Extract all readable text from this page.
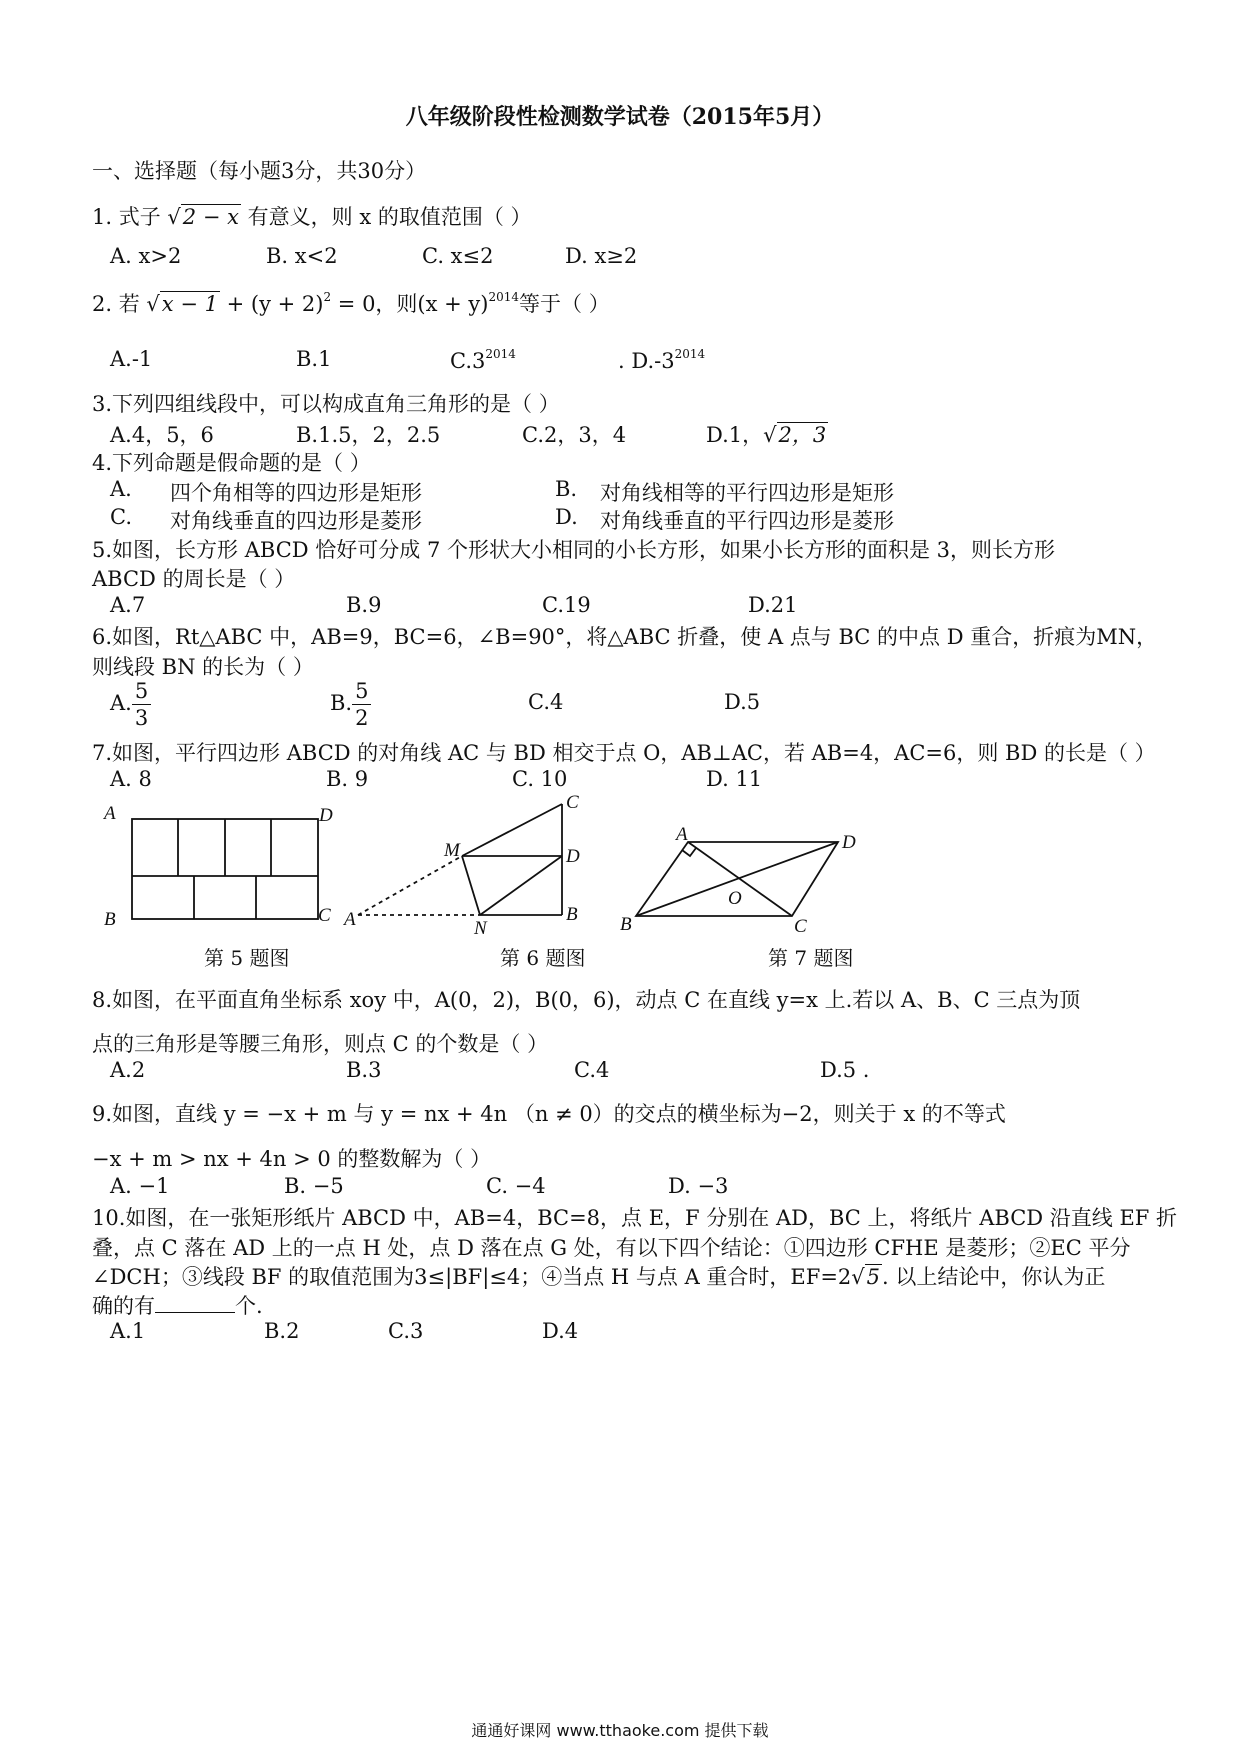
八年级阶段性检测数学试卷（2015年5月）
一、选择题（每小题3分，共30分）
1. 式子 √2 − x 有意义，则 x 的取值范围（ ）
A. x>2	B. x<2	C. x≤2	D. x≥2
2. 若 $√x - 1 + (y + 2)^2 = 0$，则$(x + y)^{2014}$等于（ ）
A.-1	B.1	$C.3^{2014}$	. $D.-3^{2014}$
3.下列四组线段中，可以构成直角三角形的是（ ）
A.4，5，6	B.1.5，2，2.5	C.2，3，4	D.1，√2，3
4.下列命题是假命题的是（ ）
A. 四个角相等的四边形是矩形	B. 对角线相等的平行四边形是矩形
C. 对角线垂直的四边形是菱形	D. 对角线垂直的平行四边形是菱形
5.如图，长方形 ABCD 恰好可分成 7 个形状大小相同的小长方形，如果小长方形的面积是 3，则长方形
ABCD 的周长是（ ）
A.7	B.9	C.19	D.21
6.如图，Rt△ABC 中，AB=9，BC=6，∠B=90°，将△ABC 折叠，使 A 点与 BC 的中点 D 重合，折痕为MN，
则线段 BN 的长为（ ）
A. $\frac{5}{3}$	B. $\frac{5}{2}$	C.4	D.5
7.如图，平行四边形 ABCD 的对角线 AC 与 BD 相交于点 O，AB⊥AC，若 AB=4，AC=6，则 BD 的长是（ ）
A. 8	B. 9	C. 10	D. 11
A	D
B	C
第 5 题图
C
M	D
A	N
B
第 6 题图
A	D
O
B	C
第 7 题图
8.如图，在平面直角坐标系 xoy 中，A(0，2)，B(0，6)，动点 C 在直线 y=x 上.若以 A、B、C 三点为顶
点的三角形是等腰三角形，则点 C 的个数是（ ）
A.2	B.3	C.4	D.5 .
9.如图，直线 y = −x + m 与 y = nx + 4n （n ≠ 0）的交点的横坐标为−2，则关于 x 的不等式
−x + m > nx + 4n > 0 的整数解为（ ）
A. −1	B. −5	C. −4	D. −3
10.如图，在一张矩形纸片 ABCD 中，AB=4，BC=8，点 E，F 分别在 AD，BC 上，将纸片 ABCD 沿直线 EF 折
叠，点 C 落在 AD 上的一点 H 处，点 D 落在点 G 处，有以下四个结论：①四边形 CFHE 是菱形；②EC 平分
∠DCH；③线段 BF 的取值范围为3≤|BF|≤4；④当点 H 与点 A 重合时，EF=2√5. 以上结论中，你认为正
确的有	个.
A.1	B.2	C.3	D.4
通通好课网 www.tthaoke.com 提供下载
